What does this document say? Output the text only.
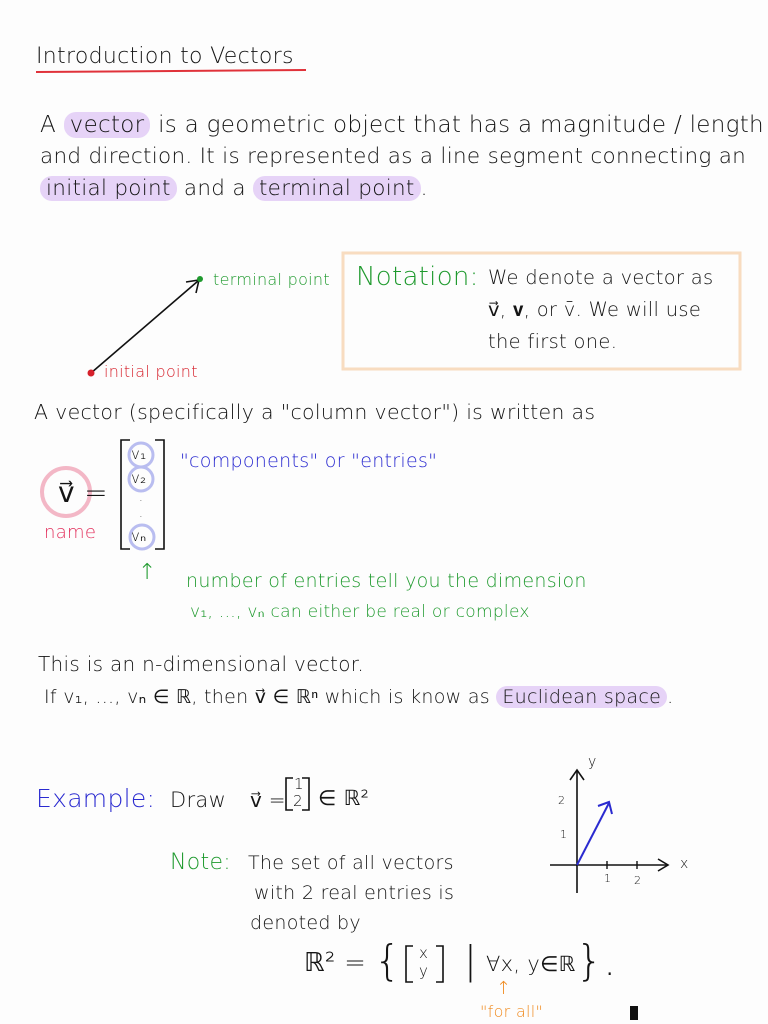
Introduction to Vectors
A vector is a geometric object that has a magnitude / length
and direction. It is represented as a line segment connecting an
initial point and a terminal point .
terminal point
initial point
Notation: We denote a vector as
v⃗, 𝐯, or v̄. We will use
the first one.
A vector (specifically a "column vector") is written as
v⃗ =
name
v₁
v₂
·
·
vₙ
"components" or "entries"
↑ number of entries tell you the dimension
v₁, ..., vₙ can either be real or complex
This is an n-dimensional vector.
If v₁, ..., vₙ ∈ ℝ, then v⃗ ∈ ℝⁿ which is know as Euclidean space .
Example: Draw v⃗ =
1
2 ∈ ℝ²
Note: The set of all vectors
with 2 real entries is
denoted by
ℝ² = { x
y | ∀x, y∈ℝ }.
↑
"for all"
y
x
1 2
1
2
